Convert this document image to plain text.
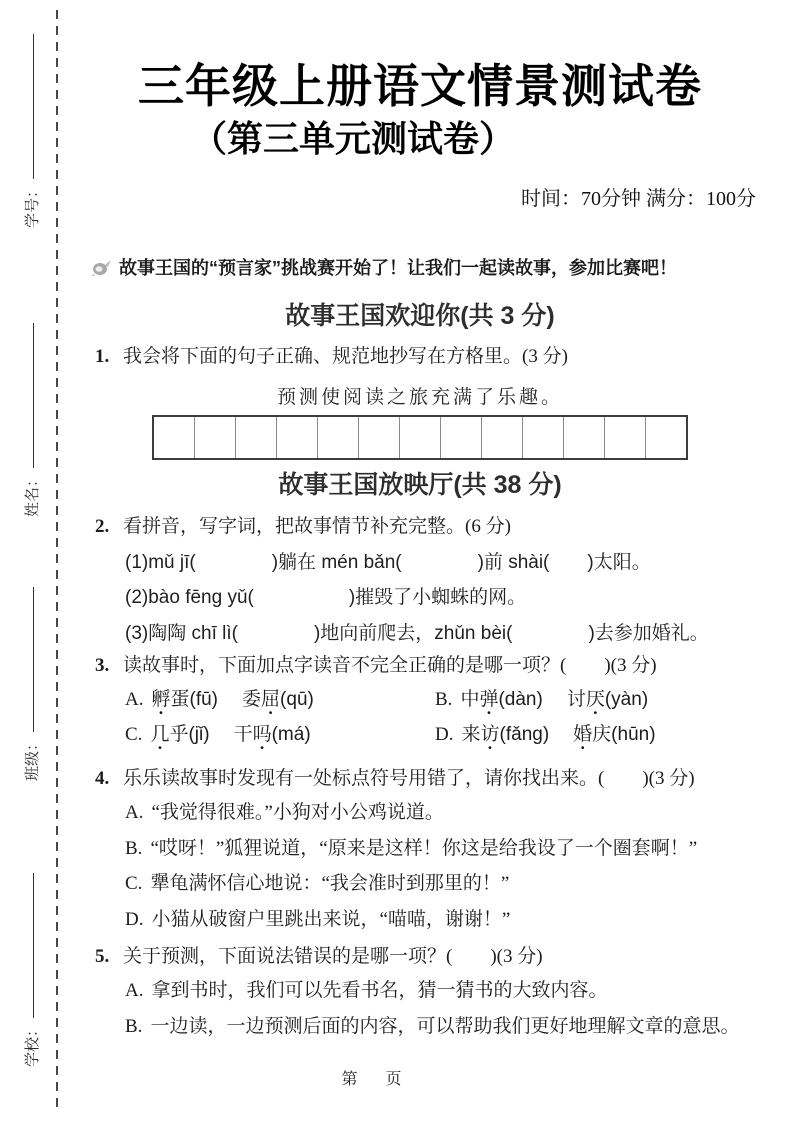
学校：
班级：
姓名：
学号：
三年级上册语文情景测试卷
（第三单元测试卷）
时间：70分钟 满分：100分
故事王国的“预言家”挑战赛开始了！让我们一起读故事，参加比赛吧！
故事王国欢迎你(共 3 分)
1. 我会将下面的句子正确、规范地抄写在方格里。(3 分)
预测使阅读之旅充满了乐趣。
故事王国放映厅(共 38 分)
2. 看拼音，写字词，把故事情节补充完整。(6 分)
(1)mǔ jī(　　　　)躺在 mén bǎn(　　　　)前 shài(　　)太阳。
(2)bào fēng yǔ(　　　　　)摧毁了小蜘蛛的网。
(3)陶陶 chī lì(　　　　)地向前爬去，zhǔn bèi(　　　　)去参加婚礼。
3. 读故事时，下面加点字读音不完全正确的是哪一项？(　　)(3 分)
A. 孵蛋(fū) 委屈(qū)	B. 中弹(dàn) 讨厌(yàn)
C. 几乎(jǐ) 干吗(má)	D. 来访(fǎng) 婚庆(hūn)
4. 乐乐读故事时发现有一处标点符号用错了，请你找出来。(　　)(3 分)
A. “我觉得很难。”小狗对小公鸡说道。
B. “哎呀！”狐狸说道，“原来是这样！你这是给我设了一个圈套啊！”
C. 犟龟满怀信心地说：“我会准时到那里的！”
D. 小猫从破窗户里跳出来说，“喵喵，谢谢！”
5. 关于预测，下面说法错误的是哪一项？(　　)(3 分)
A. 拿到书时，我们可以先看书名，猜一猜书的大致内容。
B. 一边读，一边预测后面的内容，可以帮助我们更好地理解文章的意思。
第　页
